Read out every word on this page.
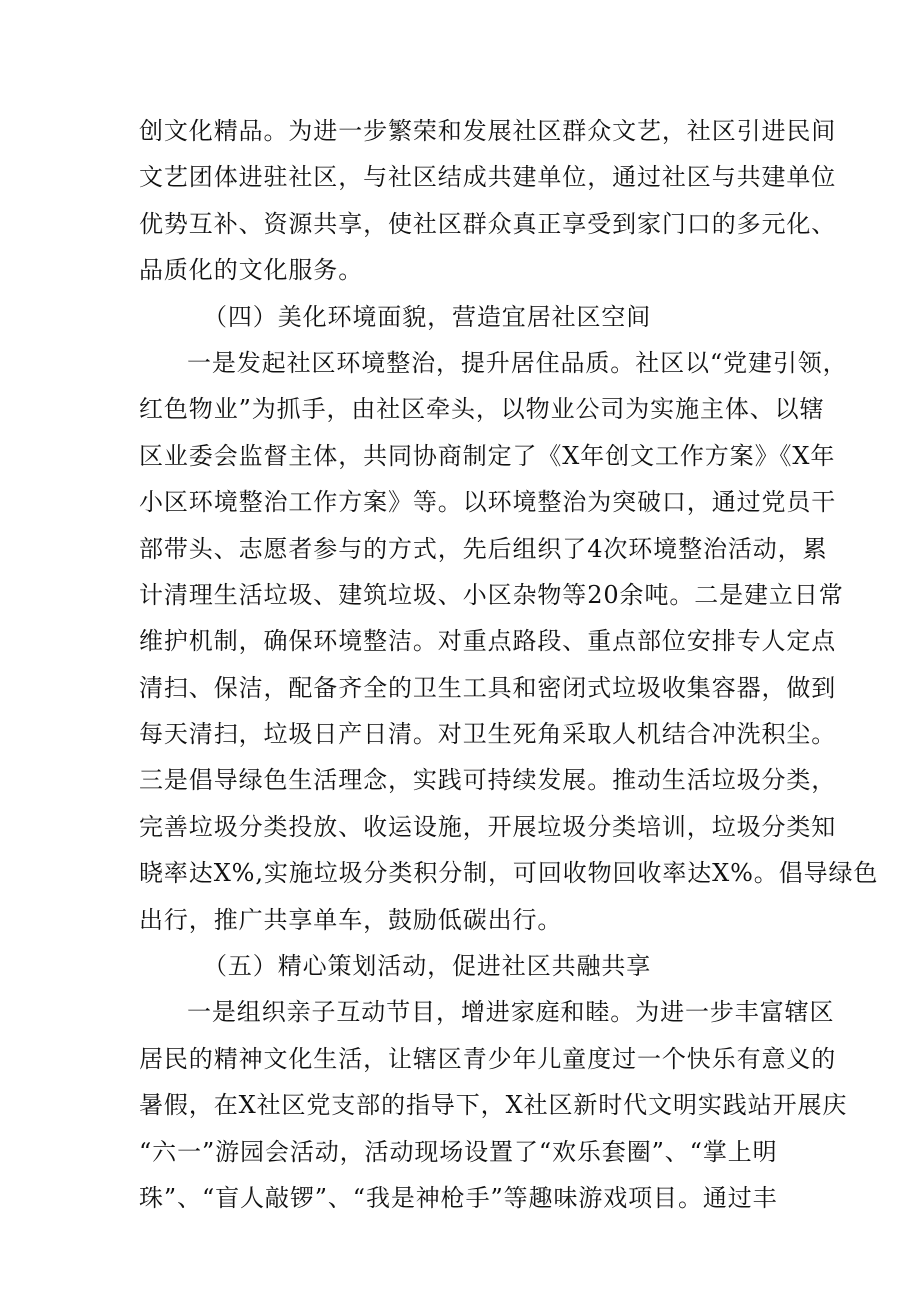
创文化精品。为进一步繁荣和发展社区群众文艺，社区引进民间
文艺团体进驻社区，与社区结成共建单位，通过社区与共建单位
优势互补、资源共享，使社区群众真正享受到家门口的多元化、
品质化的文化服务。
（四）美化环境面貌，营造宜居社区空间
一是发起社区环境整治，提升居住品质。社区以“党建引领，
红色物业”为抓手，由社区牵头，以物业公司为实施主体、以辖
区业委会监督主体，共同协商制定了《X年创文工作方案》《X年
小区环境整治工作方案》等。以环境整治为突破口，通过党员干
部带头、志愿者参与的方式，先后组织了4次环境整治活动，累
计清理生活垃圾、建筑垃圾、小区杂物等20余吨。二是建立日常
维护机制，确保环境整洁。对重点路段、重点部位安排专人定点
清扫、保洁，配备齐全的卫生工具和密闭式垃圾收集容器，做到
每天清扫，垃圾日产日清。对卫生死角采取人机结合冲洗积尘。
三是倡导绿色生活理念，实践可持续发展。推动生活垃圾分类，
完善垃圾分类投放、收运设施，开展垃圾分类培训，垃圾分类知
晓率达X%,实施垃圾分类积分制，可回收物回收率达X%。倡导绿色
出行，推广共享单车，鼓励低碳出行。
（五）精心策划活动，促进社区共融共享
一是组织亲子互动节目，增进家庭和睦。为进一步丰富辖区
居民的精神文化生活，让辖区青少年儿童度过一个快乐有意义的
暑假，在X社区党支部的指导下，X社区新时代文明实践站开展庆
“六一”游园会活动，活动现场设置了“欢乐套圈”、“掌上明
珠”、“盲人敲锣”、“我是神枪手”等趣味游戏项目。通过丰
